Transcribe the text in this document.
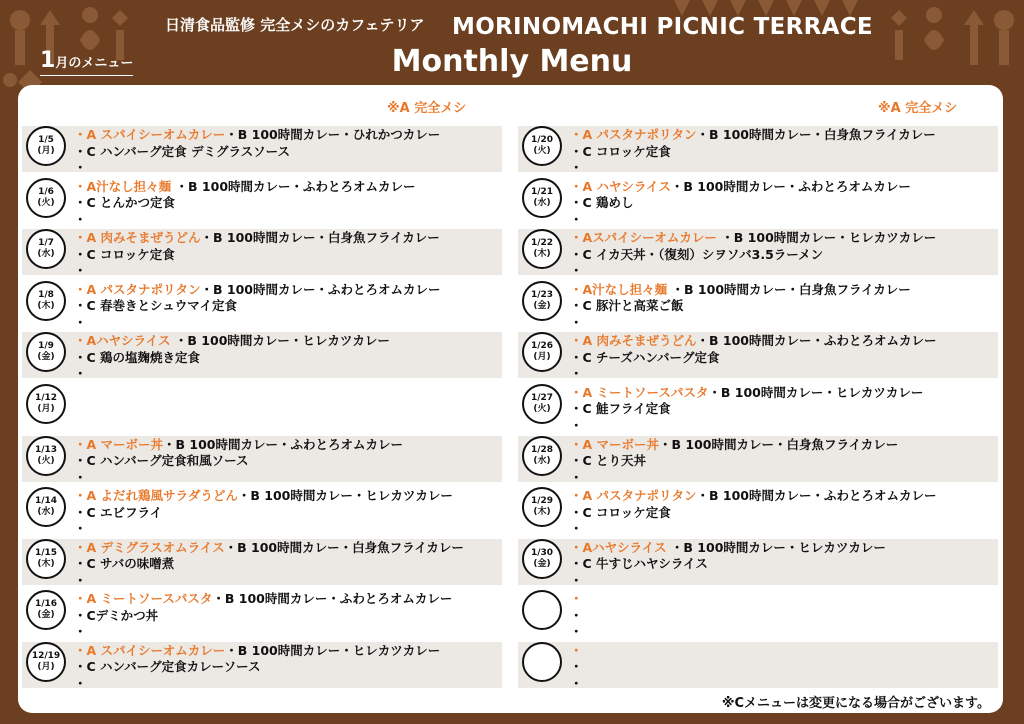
日清食品監修 完全メシのカフェテリア MORINOMACHI PICNIC TERRACE
Monthly Menu
1月のメニュー
※A 完全メシ	※A 完全メシ
1/5
(月)
・A スパイシーオムカレー・B 100時間カレー・ひれかつカレー
・C ハンバーグ定食 デミグラスソース
・
1/6
(火)
・A汁なし担々麺 ・B 100時間カレー・ふわとろオムカレー
・C とんかつ定食
・
1/7
(水)
・A 肉みそまぜうどん・B 100時間カレー・白身魚フライカレー
・C コロッケ定食
・
1/8
(木)
・A パスタナポリタン・B 100時間カレー・ふわとろオムカレー
・C 春巻きとシュウマイ定食
・
1/9
(金)
・Aハヤシライス ・B 100時間カレー・ヒレカツカレー
・C 鶏の塩麹焼き定食
・
1/12
(月)
1/13
(火)
・A マーボー丼・B 100時間カレー・ふわとろオムカレー
・C ハンバーグ定食和風ソース
・
1/14
(水)
・A よだれ鶏風サラダうどん・B 100時間カレー・ヒレカツカレー
・C エビフライ
・
1/15
(木)
・A デミグラスオムライス・B 100時間カレー・白身魚フライカレー
・C サバの味噌煮
・
1/16
(金)
・A ミートソースパスタ・B 100時間カレー・ふわとろオムカレー
・Cデミかつ丼
・
12/19
(月)
・A スパイシーオムカレー・B 100時間カレー・ヒレカツカレー
・C ハンバーグ定食カレーソース
・
1/20
(火)
・A パスタナポリタン・B 100時間カレー・白身魚フライカレー
・C コロッケ定食
・
1/21
(水)
・A ハヤシライス・B 100時間カレー・ふわとろオムカレー
・C 鶏めし
・
1/22
(木)
・Aスパイシーオムカレー ・B 100時間カレー・ヒレカツカレー
・C イカ天丼・（復刻）シヲソバ3.5ラーメン
・
1/23
(金)
・A汁なし担々麺 ・B 100時間カレー・白身魚フライカレー
・C 豚汁と高菜ご飯
・
1/26
(月)
・A 肉みそまぜうどん・B 100時間カレー・ふわとろオムカレー
・C チーズハンバーグ定食
・
1/27
(火)
・A ミートソースパスタ・B 100時間カレー・ヒレカツカレー
・C 鮭フライ定食
・
1/28
(水)
・A マーボー丼・B 100時間カレー・白身魚フライカレー
・C とり天丼
・
1/29
(木)
・A パスタナポリタン・B 100時間カレー・ふわとろオムカレー
・C コロッケ定食
・
1/30
(金)
・Aハヤシライス ・B 100時間カレー・ヒレカツカレー
・C 牛すじハヤシライス
・
・
・
・
・
・
・
※Cメニューは変更になる場合がございます。
